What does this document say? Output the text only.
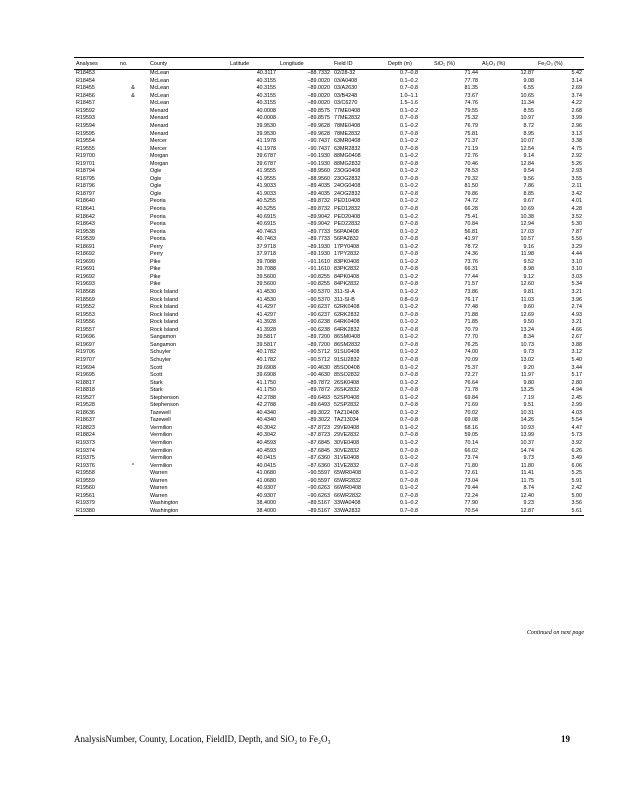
Analyses	no.	County	Latitude	Longitude	Field ID	Depth (m)	SiO₂ (%)	Al₂O₃ (%)	Fe₂O₃ (%)
R18453		McLean	40.3117	−88.7332	02/28-32	0.7–0.8	71.44	12.87	5.42
R18454		McLean	40.3155	−89.0020	03/A0408	0.1–0.2	77.78	9.08	3.14
R18455	&	McLean	40.3155	−89.0020	03/A2630	0.7–0.8	81.35	6.55	2.69
R18456	&	McLean	40.3155	−89.0020	03/B4248	1.0–1.1	73.67	10.65	3.74
R18457		McLean	40.3155	−89.0020	03/C6270	1.5–1.6	74.76	11.34	4.22
R19592		Menard	40.0008	−89.8575	77ME0408	0.1–0.2	79.55	8.55	2.68
R19593		Menard	40.0008	−89.8575	77ME2832	0.7–0.8	75.32	10.97	3.99
R19594		Menard	39.9530	−89.9628	78ME0408	0.1–0.2	76.79	8.72	2.96
R19595		Menard	39.9530	−89.9628	78ME2832	0.7–0.8	75.81	8.95	3.13
R19554		Mercer	41.1978	−90.7437	63MR0408	0.1–0.2	71.37	10.07	3.38
R19555		Mercer	41.1978	−90.7437	63MR2832	0.7–0.8	71.19	12.54	4.75
R19700		Morgan	39.6787	−90.1930	88MG0408	0.1–0.2	72.76	9.14	2.92
R19701		Morgan	39.6787	−90.1930	88MG2832	0.7–0.8	70.46	12.84	5.26
R18794		Ogle	41.9555	−88.9560	23OG0408	0.1–0.2	78.53	9.54	2.93
R18795		Ogle	41.9555	−88.9560	23OG2832	0.7–0.8	79.32	9.56	3.55
R18796		Ogle	41.9033	−89.4035	24OG0408	0.1–0.2	81.50	7.86	2.11
R18797		Ogle	41.9033	−89.4035	24OG2832	0.7–0.8	79.86	8.85	3.42
R18640		Peoria	40.5255	−89.8732	PED10408	0.1–0.2	74.72	9.67	4.01
R18641		Peoria	40.5255	−89.8732	PED12832	0.7–0.8	66.28	10.69	4.28
R18642		Peoria	40.6915	−89.9042	PED20408	0.1–0.2	75.41	10.38	3.52
R18643		Peoria	40.6915	−89.9042	PED22832	0.7–0.8	70.84	12.94	5.30
R19538		Peoria	40.7463	−89.7733	56PA0408	0.1–0.2	56.81	17.03	7.87
R19539		Peoria	40.7463	−89.7733	56PA2832	0.7–0.8	41.97	10.57	5.50
R18691		Perry	37.9718	−89.1930	17PY0408	0.1–0.2	78.72	9.16	3.29
R18692		Perry	37.9718	−89.1930	17PY2832	0.7–0.8	74.36	11.98	4.44
R19690		Pike	39.7088	−91.1610	83PK0408	0.1–0.2	73.76	9.52	3.10
R19691		Pike	39.7088	−91.1610	83PK2832	0.7–0.8	66.31	8.98	3.10
R19692		Pike	39.5600	−90.8255	84PK0408	0.1–0.2	77.44	9.12	3.03
R19693		Pike	39.5600	−90.8255	84PK2832	0.7–0.8	71.57	12.60	5.34
R18568		Rock Island	41.4530	−90.5370	311-SI-A	0.1–0.2	73.86	9.81	3.21
R18569		Rock Island	41.4530	−90.5370	311-SI-B	0.8–0.9	76.17	11.03	3.96
R19552		Rock Island	41.4297	−90.6237	62RK0408	0.1–0.2	77.48	9.60	2.74
R19553		Rock Island	41.4297	−90.6237	62RK2832	0.7–0.8	71.88	12.69	4.93
R19556		Rock Island	41.3928	−90.6238	64RK0408	0.1–0.2	71.85	9.50	3.21
R19557		Rock Island	41.3928	−90.6238	64RK2832	0.7–0.8	70.79	13.24	4.66
R19696		Sangamon	39.5817	−89.7200	86SM0408	0.1–0.2	77.70	8.34	2.67
R19697		Sangamon	39.5817	−89.7200	86SM2832	0.7–0.8	76.25	10.73	3.88
R19706		Schuyler	40.1782	−90.5712	91SU0408	0.1–0.2	74.00	9.73	3.12
R19707		Schuyler	40.1782	−90.5712	91SU2832	0.7–0.8	70.09	13.02	5.40
R19694		Scott	39.6908	−90.4630	85SO0408	0.1–0.2	75.37	9.20	3.44
R19695		Scott	39.6908	−90.4630	85SO2832	0.7–0.8	72.27	11.97	5.17
R18817		Stark	41.1750	−89.7872	26SK0408	0.1–0.2	76.64	9.80	2.80
R18818		Stark	41.1750	−89.7872	26SK2832	0.7–0.8	71.78	13.25	4.94
R19527		Stephenson	42.2788	−89.6493	52SP0408	0.1–0.2	69.84	7.19	2.45
R19528		Stephenson	42.2788	−89.6493	52SP2832	0.7–0.8	71.69	9.51	2.99
R18636		Tazewell	40.4340	−89.3022	TAZ10408	0.1–0.2	70.02	10.31	4.03
R18637		Tazewell	40.4340	−89.3022	TAZ13034	0.7–0.8	69.08	14.26	5.54
R18823		Vermilion	40.3042	−87.8723	29VE0408	0.1–0.2	68.16	10.93	4.47
R18824		Vermilion	40.3042	−87.8723	29VE2832	0.7–0.8	59.05	13.99	5.73
R19373		Vermilion	40.4593	−87.6845	30VE0408	0.1–0.2	70.14	10.37	3.92
R19374		Vermilion	40.4593	−87.6845	30VE2832	0.7–0.8	66.02	14.74	6.26
R19375		Vermilion	40.0415	−87.6360	31VE0408	0.1–0.2	73.74	9.73	3.49
R19376	^	Vermilion	40.0415	−87.6360	31VE2832	0.7–0.8	71.80	11.80	6.06
R19558		Warren	41.0680	−90.5597	65WR0408	0.1–0.2	72.61	11.41	5.25
R19559		Warren	41.0680	−90.5597	65WR2832	0.7–0.8	73.04	11.75	5.91
R19560		Warren	40.9307	−90.6263	66WR0408	0.1–0.2	79.44	8.74	2.42
R19561		Warren	40.9307	−90.6263	66WR2832	0.7–0.8	72.24	12.40	5.00
R19379		Washington	38.4000	−89.5167	33WA0408	0.1–0.2	77.90	9.23	3.56
R19380		Washington	38.4000	−89.5167	33WA2832	0.7–0.8	70.54	12.87	5.61
Continued on next page
AnalysisNumber, County, Location, FieldID, Depth, and SiO₂ to Fe₂O₃	19
